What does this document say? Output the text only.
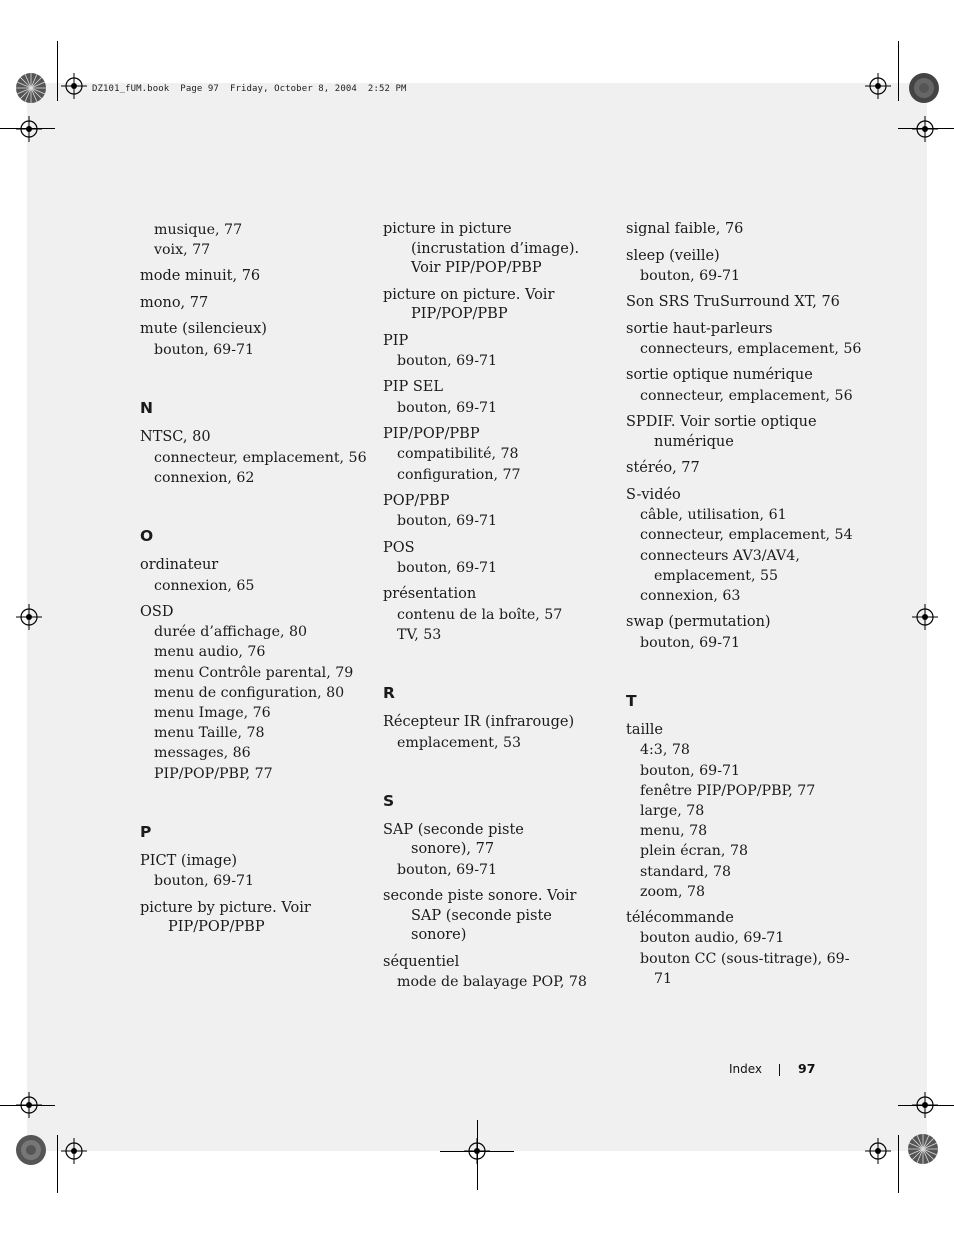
DZ101_fUM.book  Page 97  Friday, October 8, 2004  2:52 PM
musique, 77
voix, 77
mode minuit, 76
mono, 77
mute (silencieux)
bouton, 69-71
N
NTSC, 80
connecteur, emplacement, 56
connexion, 62
O
ordinateur
connexion, 65
OSD
durée d’affichage, 80
menu audio, 76
menu Contrôle parental, 79
menu de configuration, 80
menu Image, 76
menu Taille, 78
messages, 86
PIP/POP/PBP, 77
P
PICT (image)
bouton, 69-71
picture by picture. Voir
PIP/POP/PBP
picture in picture
(incrustation d’image).
Voir PIP/POP/PBP
picture on picture. Voir
PIP/POP/PBP
PIP
bouton, 69-71
PIP SEL
bouton, 69-71
PIP/POP/PBP
compatibilité, 78
configuration, 77
POP/PBP
bouton, 69-71
POS
bouton, 69-71
présentation
contenu de la boîte, 57
TV, 53
R
Récepteur IR (infrarouge)
emplacement, 53
S
SAP (seconde piste
sonore), 77
bouton, 69-71
seconde piste sonore. Voir
SAP (seconde piste
sonore)
séquentiel
mode de balayage POP, 78
signal faible, 76
sleep (veille)
bouton, 69-71
Son SRS TruSurround XT, 76
sortie haut-parleurs
connecteurs, emplacement, 56
sortie optique numérique
connecteur, emplacement, 56
SPDIF. Voir sortie optique
numérique
stéréo, 77
S-vidéo
câble, utilisation, 61
connecteur, emplacement, 54
connecteurs AV3/AV4,
emplacement, 55
connexion, 63
swap (permutation)
bouton, 69-71
T
taille
4:3, 78
bouton, 69-71
fenêtre PIP/POP/PBP, 77
large, 78
menu, 78
plein écran, 78
standard, 78
zoom, 78
télécommande
bouton audio, 69-71
bouton CC (sous-titrage), 69-
71
Index	97
